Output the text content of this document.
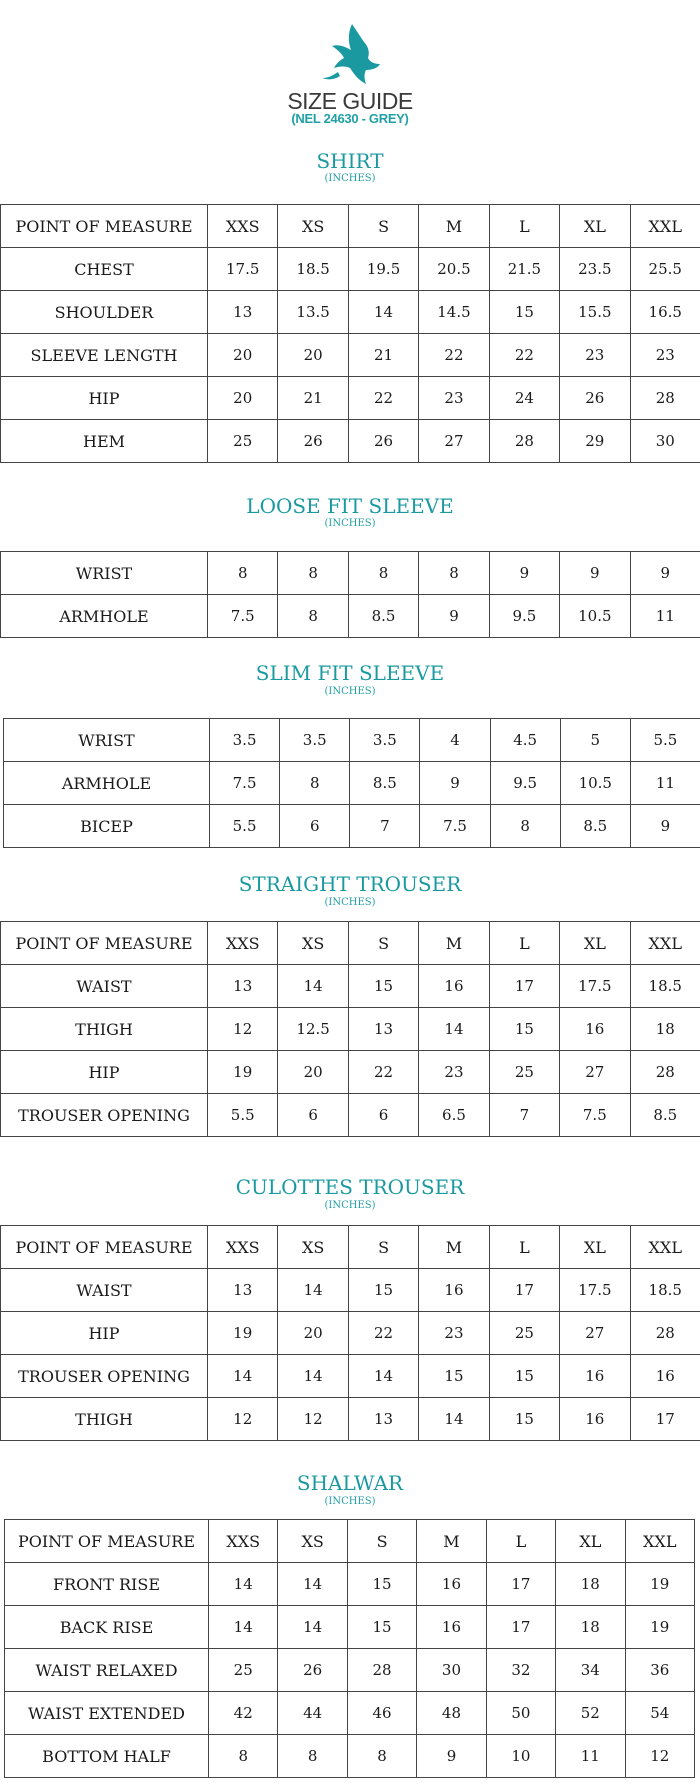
SIZE GUIDE
(NEL 24630 - GREY)
SHIRT
(INCHES)
POINT OF MEASURE	XXS	XS	S	M	L	XL	XXL
CHEST	17.5	18.5	19.5	20.5	21.5	23.5	25.5
SHOULDER	13	13.5	14	14.5	15	15.5	16.5
SLEEVE LENGTH	20	20	21	22	22	23	23
HIP	20	21	22	23	24	26	28
HEM	25	26	26	27	28	29	30
LOOSE FIT SLEEVE
(INCHES)
WRIST	8	8	8	8	9	9	9
ARMHOLE	7.5	8	8.5	9	9.5	10.5	11
SLIM FIT SLEEVE
(INCHES)
WRIST	3.5	3.5	3.5	4	4.5	5	5.5
ARMHOLE	7.5	8	8.5	9	9.5	10.5	11
BICEP	5.5	6	7	7.5	8	8.5	9
STRAIGHT TROUSER
(INCHES)
POINT OF MEASURE	XXS	XS	S	M	L	XL	XXL
WAIST	13	14	15	16	17	17.5	18.5
THIGH	12	12.5	13	14	15	16	18
HIP	19	20	22	23	25	27	28
TROUSER OPENING	5.5	6	6	6.5	7	7.5	8.5
CULOTTES TROUSER
(INCHES)
POINT OF MEASURE	XXS	XS	S	M	L	XL	XXL
WAIST	13	14	15	16	17	17.5	18.5
HIP	19	20	22	23	25	27	28
TROUSER OPENING	14	14	14	15	15	16	16
THIGH	12	12	13	14	15	16	17
SHALWAR
(INCHES)
POINT OF MEASURE	XXS	XS	S	M	L	XL	XXL
FRONT RISE	14	14	15	16	17	18	19
BACK RISE	14	14	15	16	17	18	19
WAIST RELAXED	25	26	28	30	32	34	36
WAIST EXTENDED	42	44	46	48	50	52	54
BOTTOM HALF	8	8	8	9	10	11	12
